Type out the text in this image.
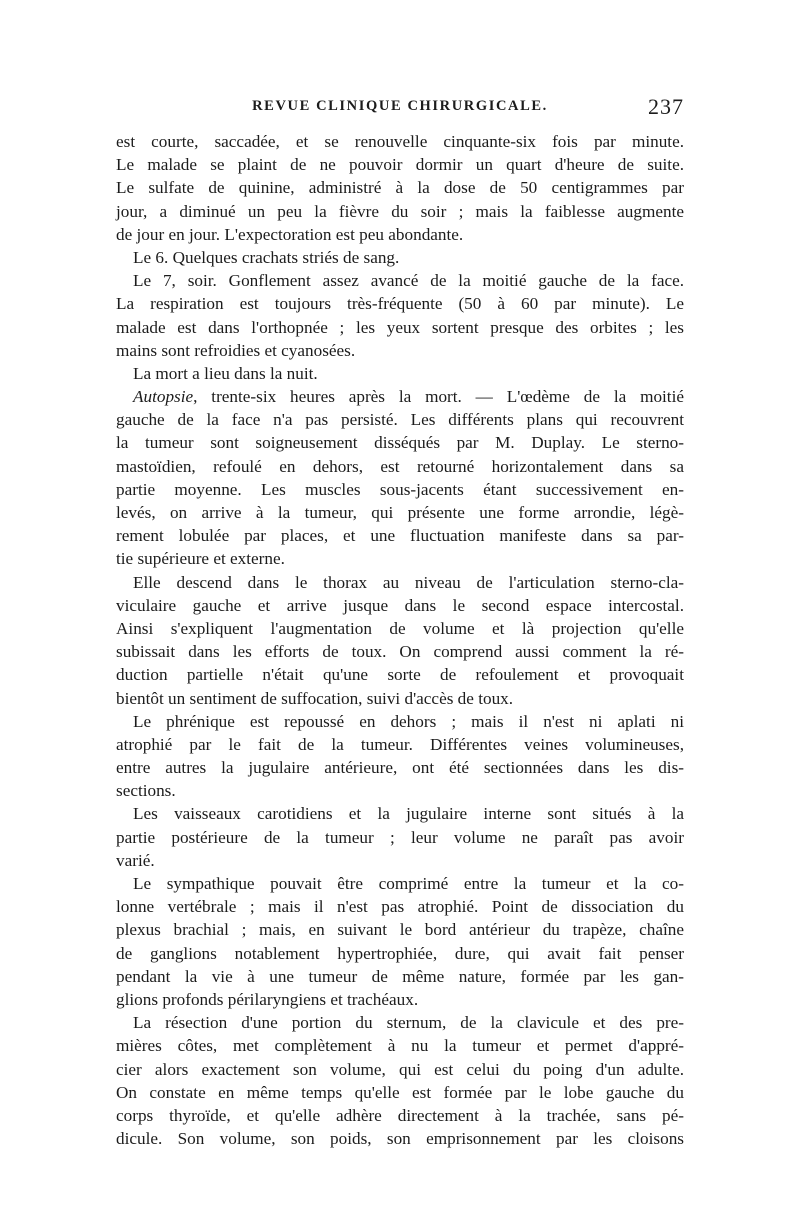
REVUE CLINIQUE CHIRURGICALE.	237
est courte, saccadée, et se renouvelle cinquante-six fois par minute.
Le malade se plaint de ne pouvoir dormir un quart d'heure de suite.
Le sulfate de quinine, administré à la dose de 50 centigrammes par
jour, a diminué un peu la fièvre du soir ; mais la faiblesse augmente
de jour en jour. L'expectoration est peu abondante.
Le 6. Quelques crachats striés de sang.
Le 7, soir. Gonflement assez avancé de la moitié gauche de la face.
La respiration est toujours très-fréquente (50 à 60 par minute). Le
malade est dans l'orthopnée ; les yeux sortent presque des orbites ; les
mains sont refroidies et cyanosées.
La mort a lieu dans la nuit.
Autopsie, trente-six heures après la mort. — L'œdème de la moitié
gauche de la face n'a pas persisté. Les différents plans qui recouvrent
la tumeur sont soigneusement disséqués par M. Duplay. Le sterno-
mastoïdien, refoulé en dehors, est retourné horizontalement dans sa
partie moyenne. Les muscles sous-jacents étant successivement en-
levés, on arrive à la tumeur, qui présente une forme arrondie, légè-
rement lobulée par places, et une fluctuation manifeste dans sa par-
tie supérieure et externe.
Elle descend dans le thorax au niveau de l'articulation sterno-cla-
viculaire gauche et arrive jusque dans le second espace intercostal.
Ainsi s'expliquent l'augmentation de volume et là projection qu'elle
subissait dans les efforts de toux. On comprend aussi comment la ré-
duction partielle n'était qu'une sorte de refoulement et provoquait
bientôt un sentiment de suffocation, suivi d'accès de toux.
Le phrénique est repoussé en dehors ; mais il n'est ni aplati ni
atrophié par le fait de la tumeur. Différentes veines volumineuses,
entre autres la jugulaire antérieure, ont été sectionnées dans les dis-
sections.
Les vaisseaux carotidiens et la jugulaire interne sont situés à la
partie postérieure de la tumeur ; leur volume ne paraît pas avoir
varié.
Le sympathique pouvait être comprimé entre la tumeur et la co-
lonne vertébrale ; mais il n'est pas atrophié. Point de dissociation du
plexus brachial ; mais, en suivant le bord antérieur du trapèze, chaîne
de ganglions notablement hypertrophiée, dure, qui avait fait penser
pendant la vie à une tumeur de même nature, formée par les gan-
glions profonds périlaryngiens et trachéaux.
La résection d'une portion du sternum, de la clavicule et des pre-
mières côtes, met complètement à nu la tumeur et permet d'appré-
cier alors exactement son volume, qui est celui du poing d'un adulte.
On constate en même temps qu'elle est formée par le lobe gauche du
corps thyroïde, et qu'elle adhère directement à la trachée, sans pé-
dicule. Son volume, son poids, son emprisonnement par les cloisons
